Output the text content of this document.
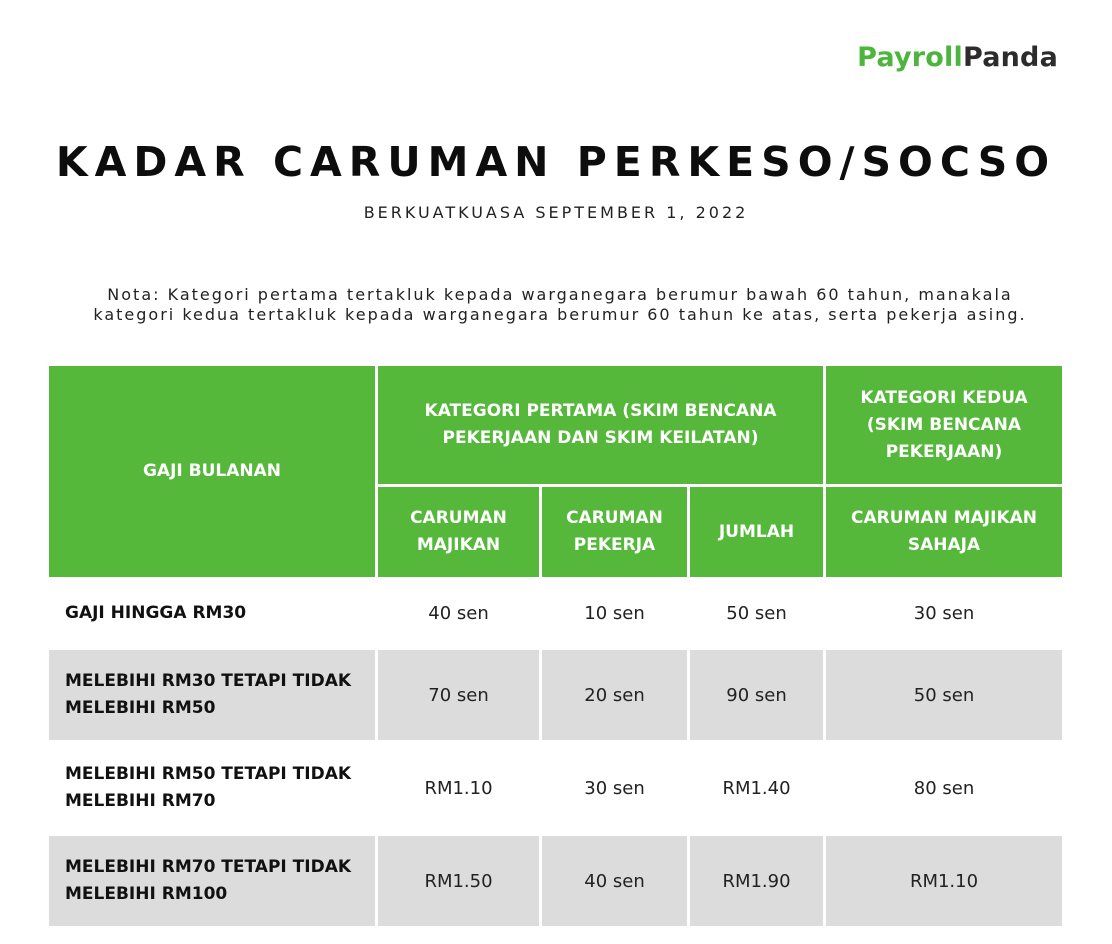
PayrollPanda
KADAR CARUMAN PERKESO/SOCSO
BERKUATKUASA SEPTEMBER 1, 2022
Nota: Kategori pertama tertakluk kepada warganegara berumur bawah 60 tahun, manakala
kategori kedua tertakluk kepada warganegara berumur 60 tahun ke atas, serta pekerja asing.
GAJI BULANAN	KATEGORI PERTAMA (SKIM BENCANA PEKERJAAN DAN SKIM KEILATAN)			KATEGORI KEDUA (SKIM BENCANA PEKERJAAN)
	CARUMAN MAJIKAN	CARUMAN PEKERJA	JUMLAH	CARUMAN MAJIKAN SAHAJA
GAJI HINGGA RM30	40 sen	10 sen	50 sen	30 sen
MELEBIHI RM30 TETAPI TIDAK MELEBIHI RM50	70 sen	20 sen	90 sen	50 sen
MELEBIHI RM50 TETAPI TIDAK MELEBIHI RM70	RM1.10	30 sen	RM1.40	80 sen
MELEBIHI RM70 TETAPI TIDAK MELEBIHI RM100	RM1.50	40 sen	RM1.90	RM1.10
